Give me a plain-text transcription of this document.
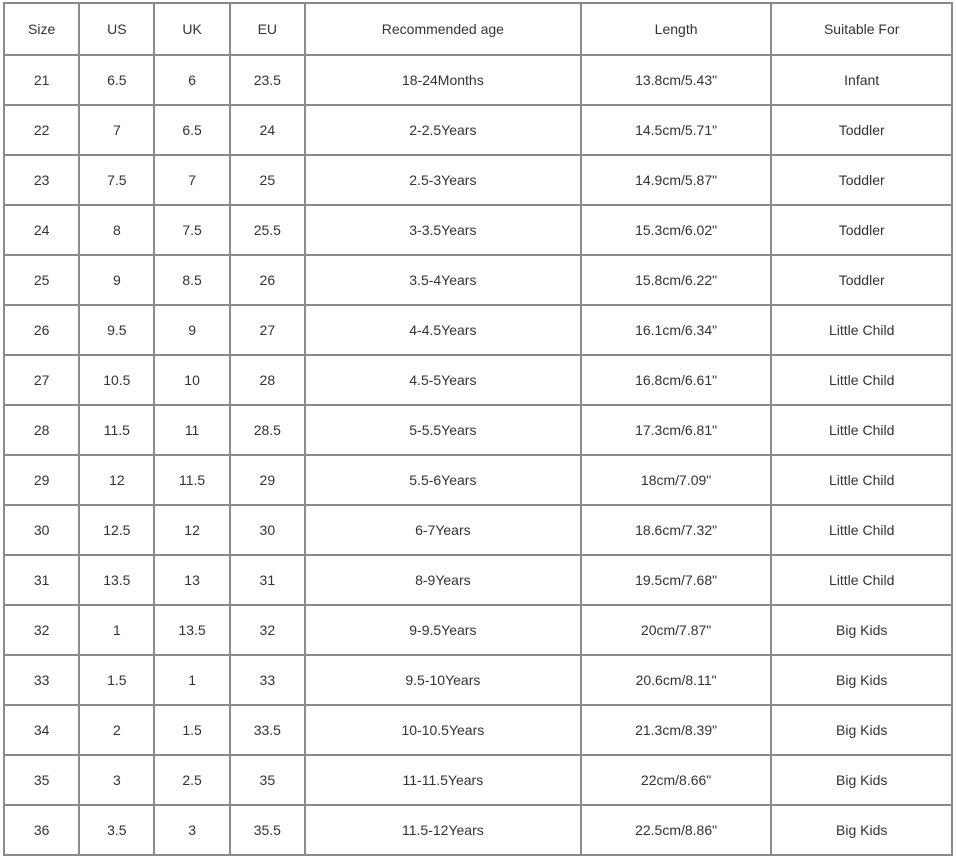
Size	US	UK	EU	Recommended age	Length	Suitable For
21	6.5	6	23.5	18-24Months	13.8cm/5.43"	Infant
22	7	6.5	24	2-2.5Years	14.5cm/5.71"	Toddler
23	7.5	7	25	2.5-3Years	14.9cm/5.87"	Toddler
24	8	7.5	25.5	3-3.5Years	15.3cm/6.02"	Toddler
25	9	8.5	26	3.5-4Years	15.8cm/6.22"	Toddler
26	9.5	9	27	4-4.5Years	16.1cm/6.34"	Little Child
27	10.5	10	28	4.5-5Years	16.8cm/6.61"	Little Child
28	11.5	11	28.5	5-5.5Years	17.3cm/6.81"	Little Child
29	12	11.5	29	5.5-6Years	18cm/7.09"	Little Child
30	12.5	12	30	6-7Years	18.6cm/7.32"	Little Child
31	13.5	13	31	8-9Years	19.5cm/7.68"	Little Child
32	1	13.5	32	9-9.5Years	20cm/7.87"	Big Kids
33	1.5	1	33	9.5-10Years	20.6cm/8.11"	Big Kids
34	2	1.5	33.5	10-10.5Years	21.3cm/8.39"	Big Kids
35	3	2.5	35	11-11.5Years	22cm/8.66"	Big Kids
36	3.5	3	35.5	11.5-12Years	22.5cm/8.86"	Big Kids
